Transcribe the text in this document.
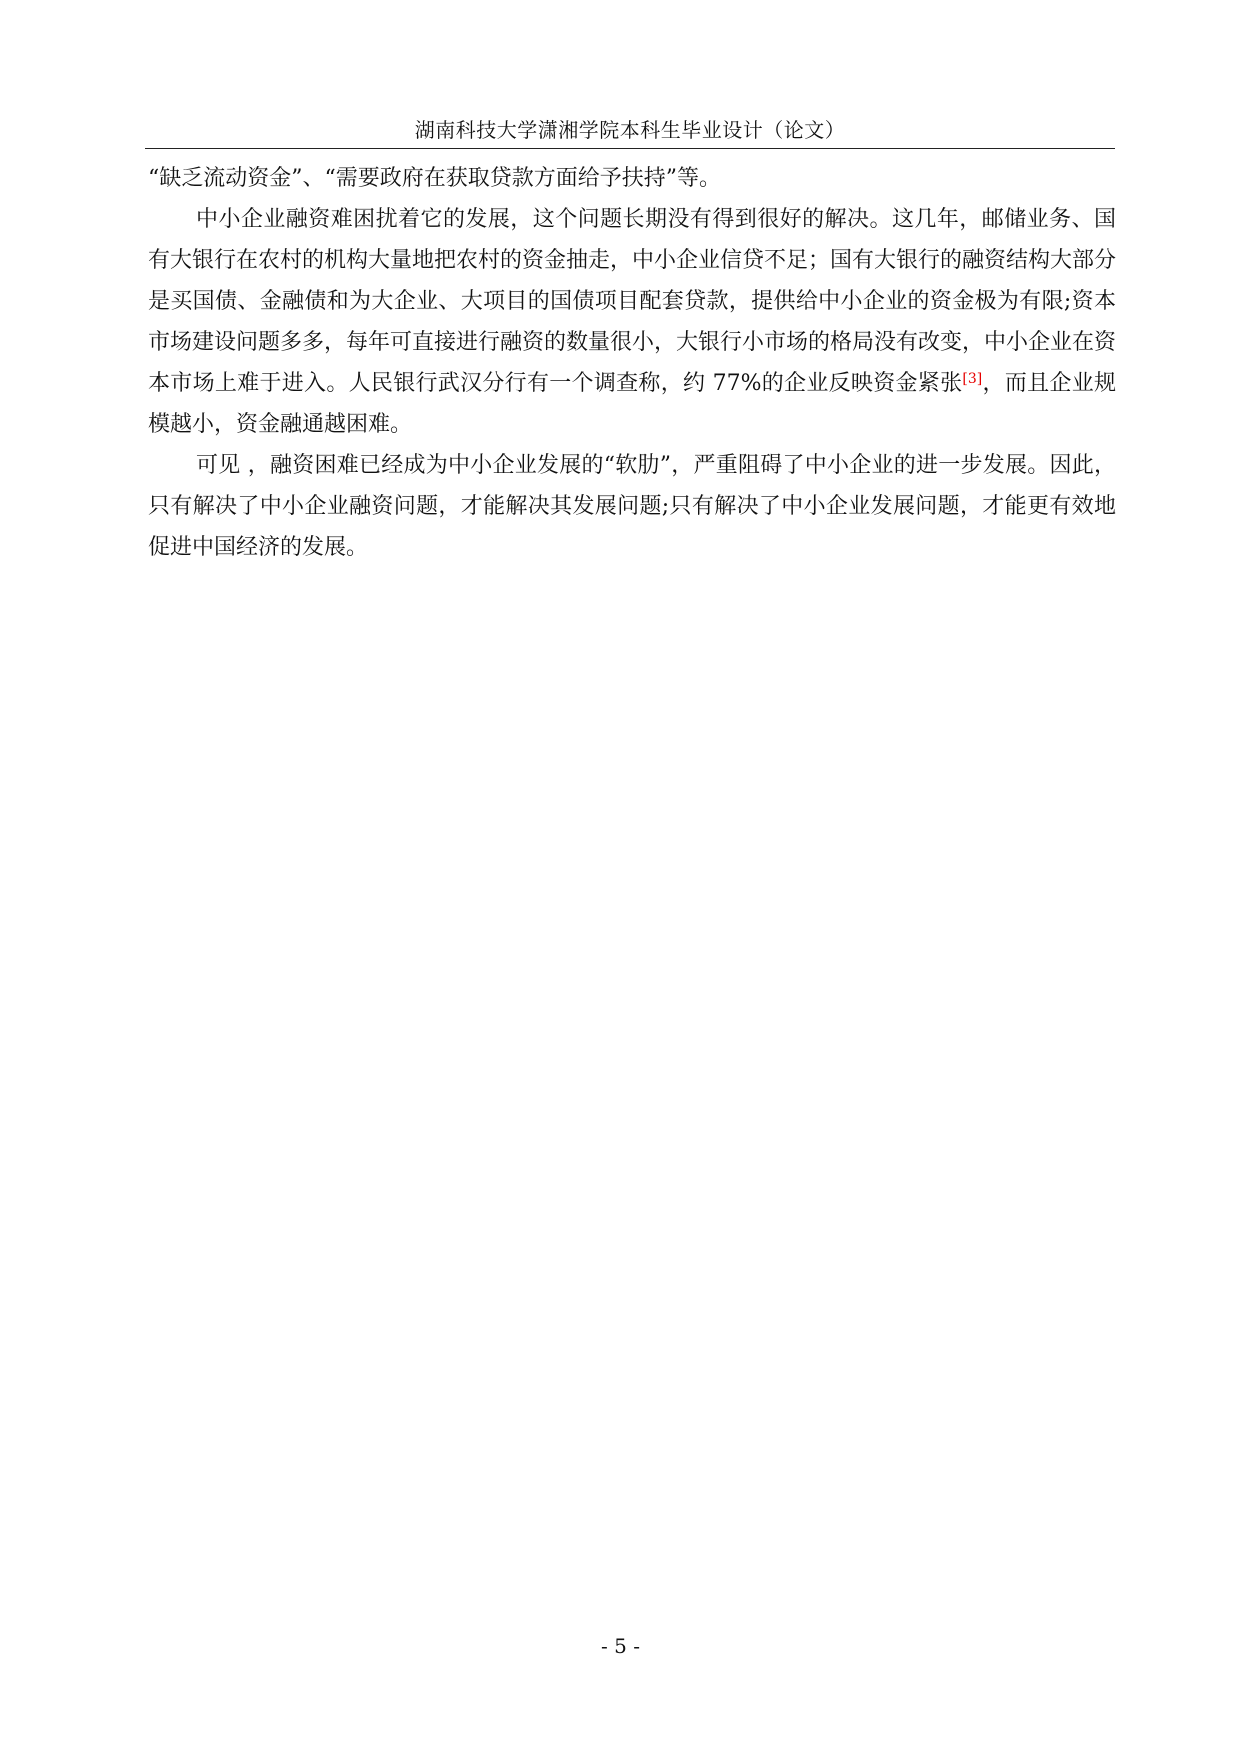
湖南科技大学潇湘学院本科生毕业设计（论文）

“缺乏流动资金”、“需要政府在获取贷款方面给予扶持”等。

中小企业融资难困扰着它的发展，这个问题长期没有得到很好的解决。这几年，邮储业务、国有大银行在农村的机构大量地把农村的资金抽走，中小企业信贷不足；国有大银行的融资结构大部分是买国债、金融债和为大企业、大项目的国债项目配套贷款，提供给中小企业的资金极为有限;资本市场建设问题多多，每年可直接进行融资的数量很小，大银行小市场的格局没有改变，中小企业在资本市场上难于进入。人民银行武汉分行有一个调查称，约 77%的企业反映资金紧张[3]，而且企业规模越小，资金融通越困难。

可见 ，融资困难已经成为中小企业发展的“软肋”，严重阻碍了中小企业的进一步发展。因此，只有解决了中小企业融资问题，才能解决其发展问题;只有解决了中小企业发展问题，才能更有效地促进中国经济的发展。

- 5 -
